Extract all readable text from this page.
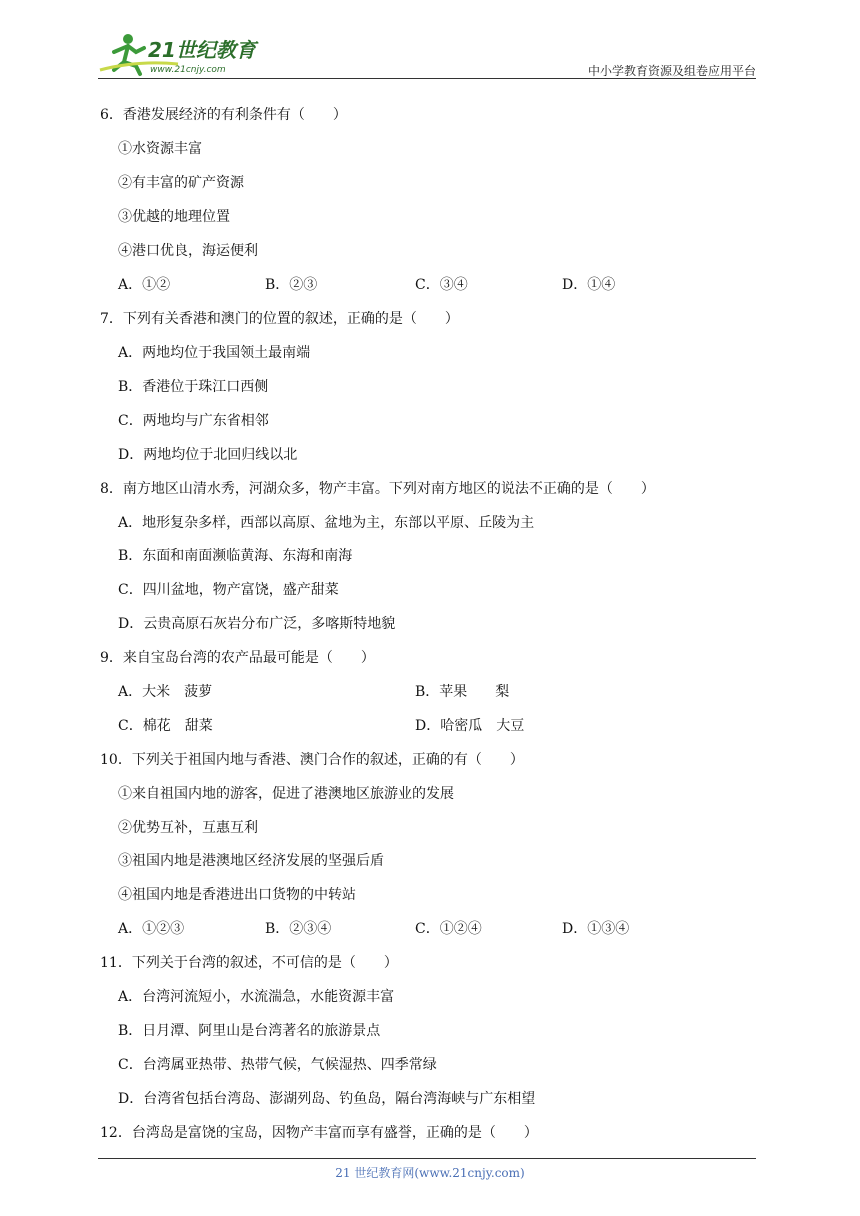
21世纪教育
www.21cnjy.com	中小学教育资源及组卷应用平台
6．香港发展经济的有利条件有（　　）
①水资源丰富
②有丰富的矿产资源
③优越的地理位置
④港口优良，海运便利
A．①②	B．②③	C．③④	D．①④
7．下列有关香港和澳门的位置的叙述，正确的是（　　）
A．两地均位于我国领土最南端
B．香港位于珠江口西侧
C．两地均与广东省相邻
D．两地均位于北回归线以北
8．南方地区山清水秀，河湖众多，物产丰富。下列对南方地区的说法不正确的是（　　）
A．地形复杂多样，西部以高原、盆地为主，东部以平原、丘陵为主
B．东面和南面濒临黄海、东海和南海
C．四川盆地，物产富饶，盛产甜菜
D．云贵高原石灰岩分布广泛，多喀斯特地貌
9．来自宝岛台湾的农产品最可能是（　　）
A．大米　菠萝	B．苹果　　梨
C．棉花　甜菜	D．哈密瓜　大豆
10．下列关于祖国内地与香港、澳门合作的叙述，正确的有（　　）
①来自祖国内地的游客，促进了港澳地区旅游业的发展
②优势互补，互惠互利
③祖国内地是港澳地区经济发展的坚强后盾
④祖国内地是香港进出口货物的中转站
A．①②③	B．②③④	C．①②④	D．①③④
11．下列关于台湾的叙述，不可信的是（　　）
A．台湾河流短小，水流湍急，水能资源丰富
B．日月潭、阿里山是台湾著名的旅游景点
C．台湾属亚热带、热带气候，气候湿热、四季常绿
D．台湾省包括台湾岛、澎湖列岛、钓鱼岛，隔台湾海峡与广东相望
12．台湾岛是富饶的宝岛，因物产丰富而享有盛誉，正确的是（　　）
21 世纪教育网(www.21cnjy.com)
